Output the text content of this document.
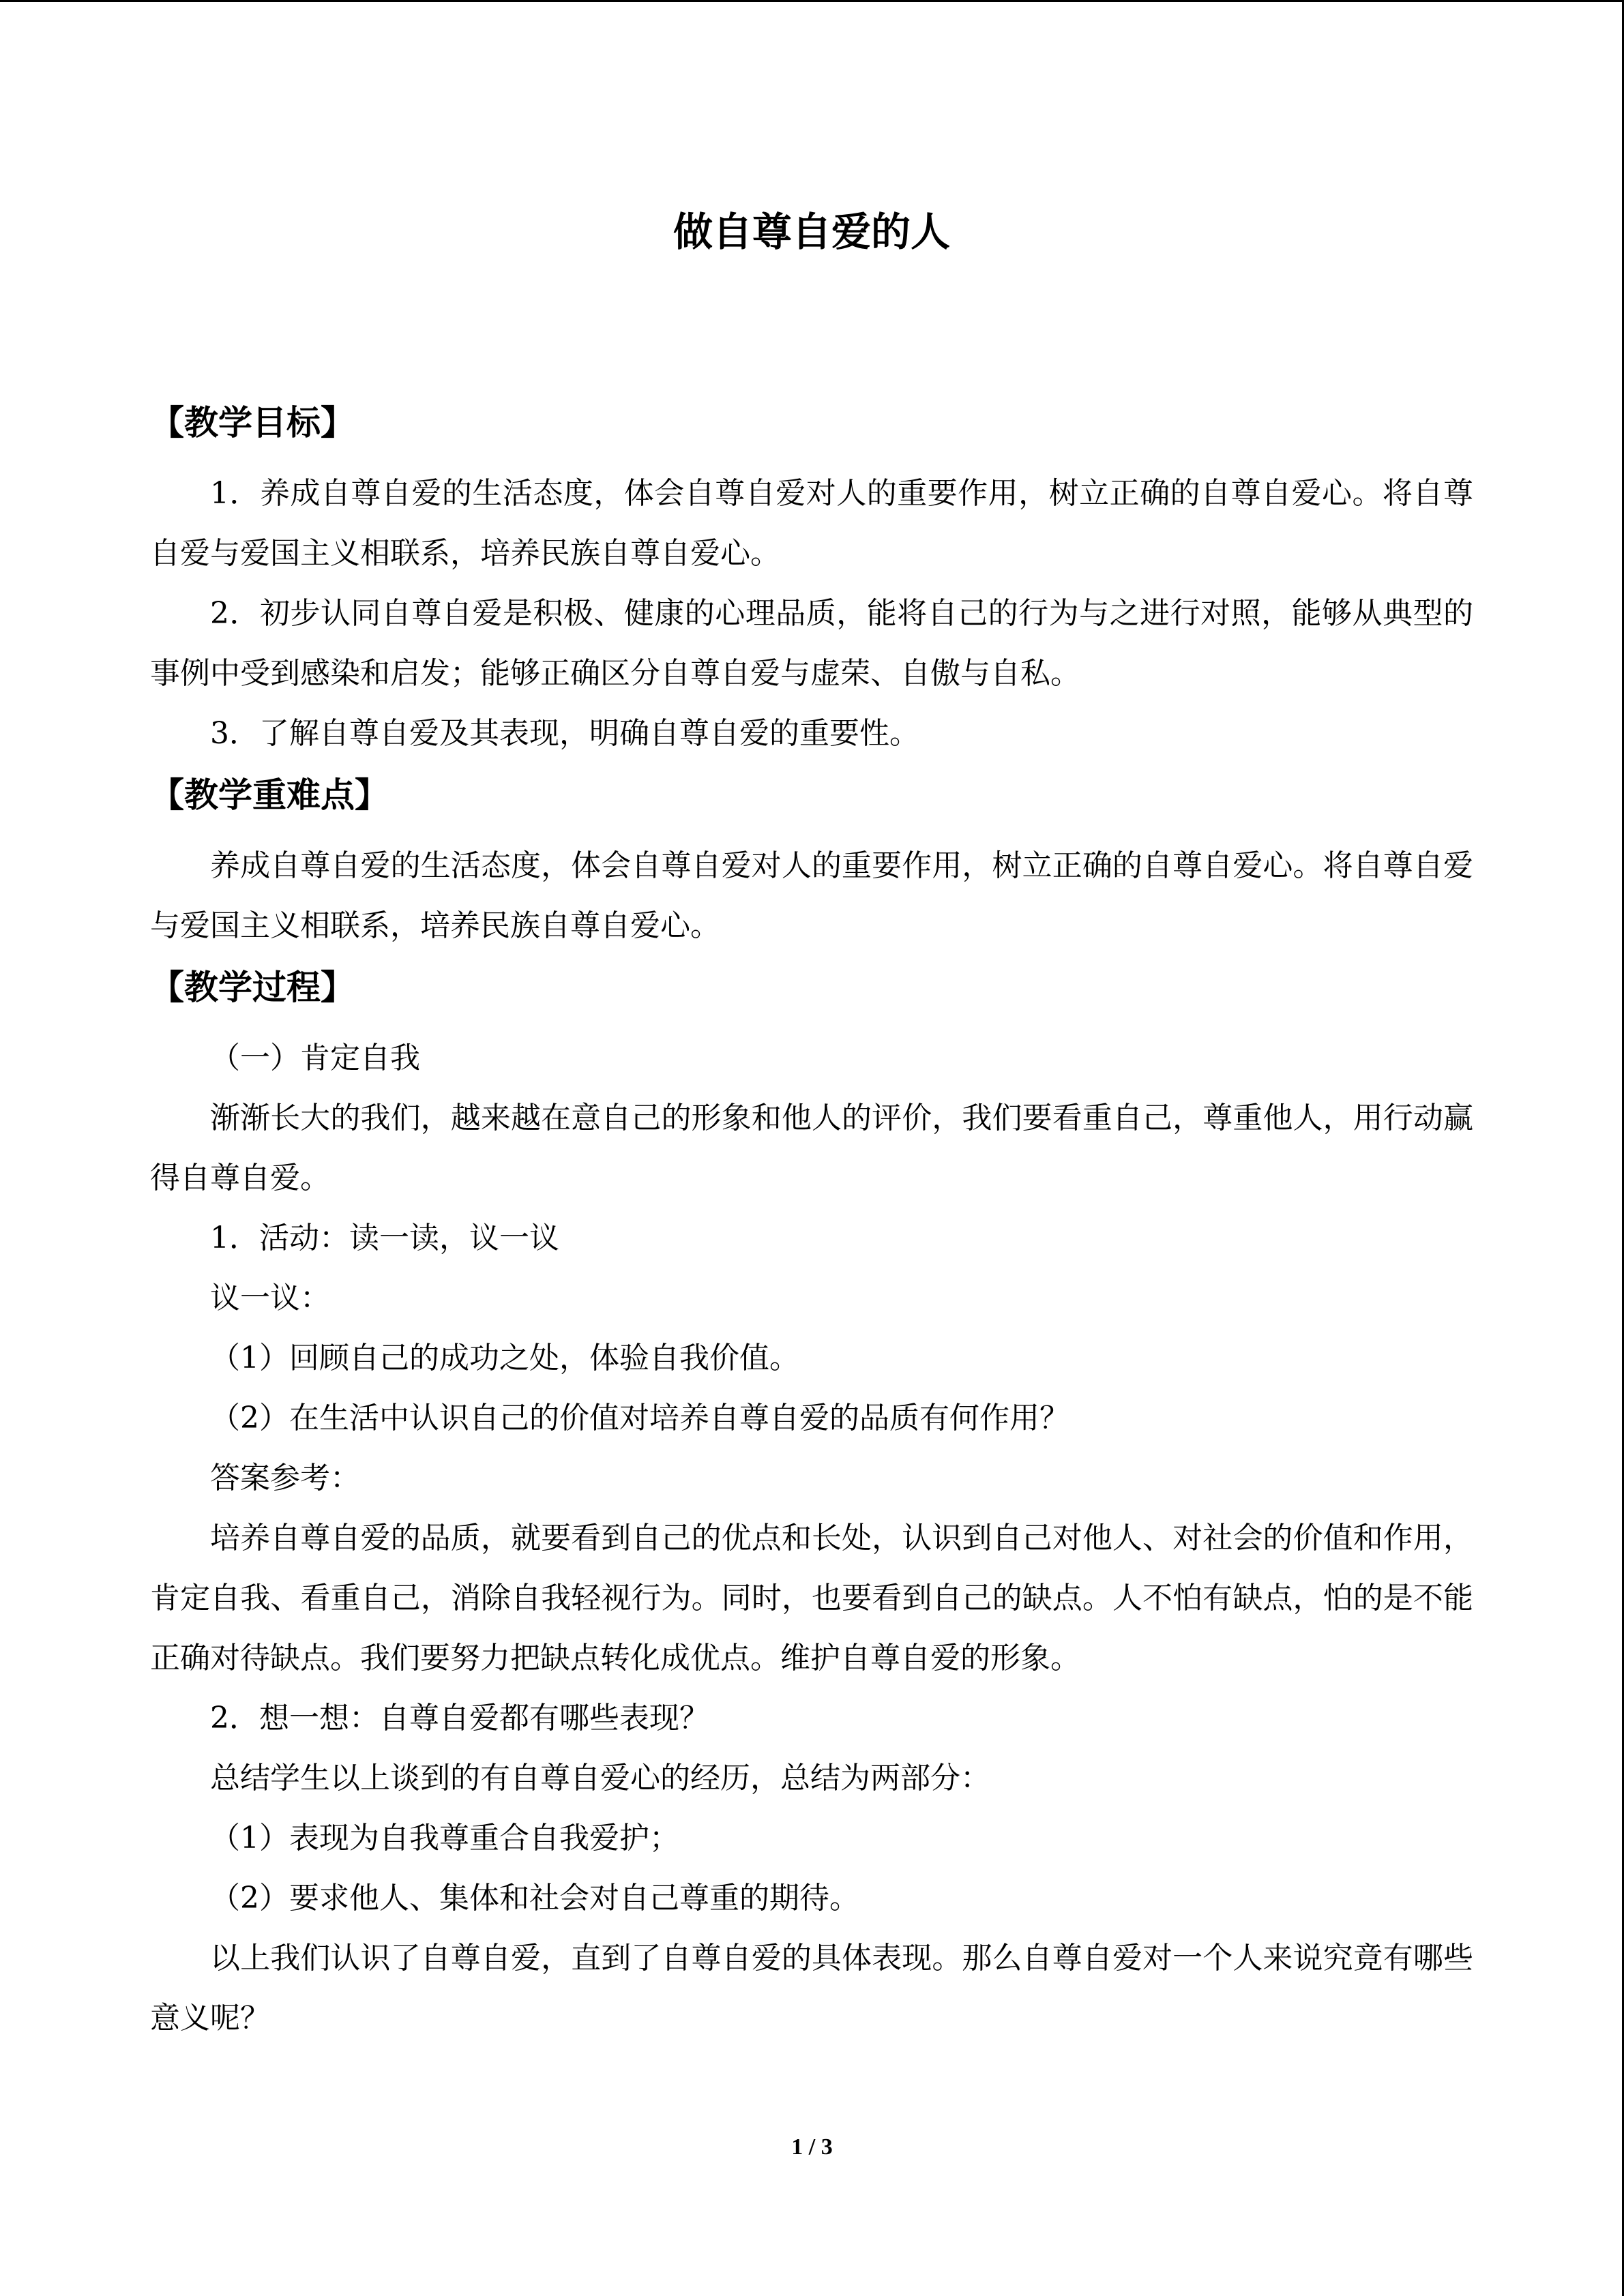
做自尊自爱的人
【教学目标】

1．养成自尊自爱的生活态度，体会自尊自爱对人的重要作用，树立正确的自尊自爱心。将自尊自爱与爱国主义相联系，培养民族自尊自爱心。

2．初步认同自尊自爱是积极、健康的心理品质，能将自己的行为与之进行对照，能够从典型的事例中受到感染和启发；能够正确区分自尊自爱与虚荣、自傲与自私。

3．了解自尊自爱及其表现，明确自尊自爱的重要性。

【教学重难点】

养成自尊自爱的生活态度，体会自尊自爱对人的重要作用，树立正确的自尊自爱心。将自尊自爱与爱国主义相联系，培养民族自尊自爱心。

【教学过程】

（一）肯定自我

渐渐长大的我们，越来越在意自己的形象和他人的评价，我们要看重自己，尊重他人，用行动赢得自尊自爱。

1．活动：读一读，议一议

议一议：

（1）回顾自己的成功之处，体验自我价值。

（2）在生活中认识自己的价值对培养自尊自爱的品质有何作用？

答案参考：

培养自尊自爱的品质，就要看到自己的优点和长处，认识到自己对他人、对社会的价值和作用，肯定自我、看重自己，消除自我轻视行为。同时，也要看到自己的缺点。人不怕有缺点，怕的是不能正确对待缺点。我们要努力把缺点转化成优点。维护自尊自爱的形象。

2．想一想：自尊自爱都有哪些表现？

总结学生以上谈到的有自尊自爱心的经历，总结为两部分：

（1）表现为自我尊重合自我爱护；

（2）要求他人、集体和社会对自己尊重的期待。

以上我们认识了自尊自爱，直到了自尊自爱的具体表现。那么自尊自爱对一个人来说究竟有哪些意义呢？

1 / 3
